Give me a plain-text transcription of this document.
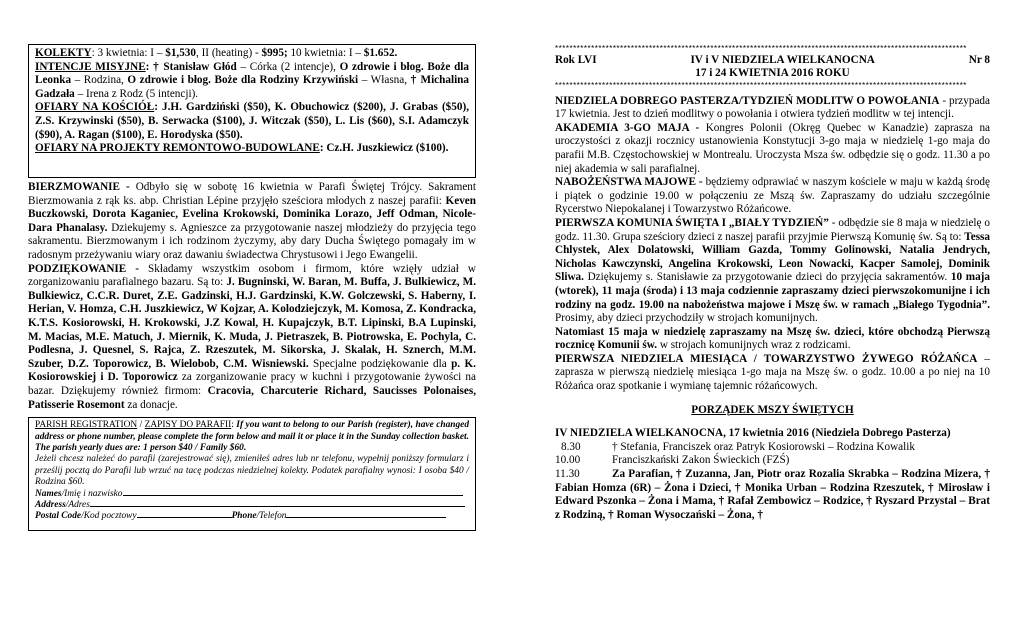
KOLEKTY: 3 kwietnia: I – $1,530, II (heating) - $995; 10 kwietnia: I – $1.652.

INTENCJE MISYJNE: † Stanisław Głód – Córka (2 intencje), O zdrowie i błog. Boże dla Leonka – Rodzina, O zdrowie i błog. Boże dla Rodziny Krzywiński – Własna, † Michalina Gadzała – Irena z Rodz (5 intencji).

OFIARY NA KOŚCIÓŁ: J.H. Gardziński ($50), K. Obuchowicz ($200), J. Grabas ($50), Z.S. Krzywinski ($50), B. Serwacka ($100), J. Witczak ($50), L. Lis ($60), S.I. Adamczyk ($90), A. Ragan ($100), E. Horodyska ($50).

OFIARY NA PROJEKTY REMONTOWO-BUDOWLANE: Cz.H. Juszkiewicz ($100).

BIERZMOWANIE - Odbyło się w sobotę 16 kwietnia w Parafi Świętej Trójcy. Sakrament Bierzmowania z rąk ks. abp. Christian Lépine przyjęło sześciora młodych z naszej parafii: Keven Buczkowski, Dorota Kaganiec, Evelina Krokowski, Dominika Lorazo, Jeff Odman, Nicole-Dara Phanalasy. Dziekujemy s. Agnieszce za przygotowanie naszej młodzieży do przyjęcia tego sakramentu. Bierzmowanym i ich rodzinom życzymy, aby dary Ducha Świętego pomagały im w radosnym przeżywaniu wiary oraz dawaniu świadectwa Chrystusowi i Jego Ewangelii.

PODZIĘKOWANIE - Składamy wszystkim osobom i firmom, które wzięły udział w zorganizowaniu parafialnego bazaru. Są to: J. Bugninski, W. Baran, M. Buffa, J. Bulkiewicz, M. Bulkiewicz, C.C.R. Duret, Z.E. Gadzinski, H.J. Gardzinski, K.W. Golczewski, S. Haberny, I. Herian, V. Homza, C.H. Juszkiewicz, W Kojzar, A. Kolodziejczyk, M. Komosa, Z. Kondracka, K.T.S. Kosiorowski, H. Krokowski, J.Z Kowal, H. Kupajczyk, B.T. Lipinski, B.A Lupinski, M. Macias, M.E. Matuch, J. Miernik, K. Muda, J. Pietraszek, B. Piotrowska, E. Pochyla, C. Podlesna, J. Quesnel, S. Rajca, Z. Rzeszutek, M. Sikorska, J. Skalak, H. Sznerch, M.M. Szuber, D.Z. Toporowicz, B. Wielobob, C.M. Wisniewski. Specjalne podziękowanie dla p. K. Kosiorowskiej i D. Toporowicz za zorganizowanie pracy w kuchni i przygotowanie żywości na bazar. Dziękujemy również firmom: Cracovia, Charcuterie Richard, Saucisses Polonaises, Patisserie Rosemont za donacje.

PARISH REGISTRATION / ZAPISY DO PARAFII: If you want to belong to our Parish (register), have changed address or phone number, please complete the form below and mail it or place it in the Sunday collection basket. The parish yearly dues are: 1 person $40 / Family $60.

Jeżeli chcesz należeć do parafii (zarejestrować się), zmieniłeś adres lub nr telefonu, wypełnij poniższy formularz i prześlij pocztą do Parafii lub wrzuć na tacę podczas niedzielnej kolekty. Podatek parafialny wynosi: I osoba $40 / Rodzina $60.

Names/Imię i nazwisko
Address/Adres
Postal Code/Kod pocztowy	Phone/Telefon
******************************************************************************************************************
Rok LVI	IV i V NIEDZIELA WIELKANOCNA	Nr 8
17 i 24 KWIETNIA 2016 ROKU
******************************************************************************************************************

NIEDZIELA DOBREGO PASTERZA/TYDZIEŃ MODLITW O POWOŁANIA - przypada 17 kwietnia. Jest to dzień modlitwy o powołania i otwiera tydzień modlitw w tej intencji.

AKADEMIA 3-GO MAJA - Kongres Polonii (Okręg Quebec w Kanadzie) zaprasza na uroczystości z okazji rocznicy ustanowienia Konstytucji 3-go maja w niedzielę 1-go maja do parafii M.B. Częstochowskiej w Montrealu. Uroczysta Msza św. odbędzie się o godz. 11.30 a po niej akademia w sali parafialnej.

NABOŻEŃSTWA MAJOWE - będziemy odprawiać w naszym kościele w maju w każdą środę i piątek o godzinie 19.00 w połączeniu ze Mszą św. Zapraszamy do udziału szczególnie Rycerstwo Niepokalanej i Towarzystwo Różańcowe.

PIERWSZA KOMUNIA ŚWIĘTA I „BIAŁY TYDZIEŃ” - odbędzie sie 8 maja w niedzielę o godz. 11.30. Grupa sześciory dzieci z naszej parafii przyjmie Pierwszą Komunię św. Są to: Tessa Chlystek, Alex Dolatowski, William Gazda, Tommy Golinowski, Natalia Jendrych, Nicholas Kawczynski, Angelina Krokowski, Leon Nowacki, Kacper Samolej, Dominik Sliwa. Dziękujemy s. Stanisławie za przygotowanie dzieci do przyjęcia sakramentów. 10 maja (wtorek), 11 maja (środa) i 13 maja codziennie zapraszamy dzieci pierwszokomunijne i ich rodziny na godz. 19.00 na nabożeństwa majowe i Mszę św. w ramach „Białego Tygodnia”. Prosimy, aby dzieci przychodziły w strojach komunijnych.

Natomiast 15 maja w niedzielę zapraszamy na Mszę św. dzieci, które obchodzą Pierwszą rocznicę Komunii św. w strojach komunijnych wraz z rodzicami.

PIERWSZA NIEDZIELA MIESIĄCA / TOWARZYSTWO ŻYWEGO RÓŻAŃCA – zaprasza w pierwszą niedzielę miesiąca 1-go maja na Mszę św. o godz. 10.00 a po niej na 10 Różańca oraz spotkanie i wymianę tajemnic różańcowych.

PORZĄDEK MSZY ŚWIĘTYCH
IV NIEDZIELA WIELKANOCNA, 17 kwietnia 2016 (Niedziela Dobrego Pasterza)
8.30	† Stefania, Franciszek oraz Patryk Kosiorowski – Rodzina Kowalik
10.00	Franciszkański Zakon Świeckich (FZŚ)
11.30	Za Parafian, † Zuzanna, Jan, Piotr oraz Rozalia Skrabka – Rodzina Mizera, † Fabian Homza (6R) – Żona i Dzieci, † Monika Urban – Rodzina Rzeszutek, † Mirosław i Edward Pszonka – Żona i Mama, † Rafał Zembowicz – Rodzice, † Ryszard Przystal – Brat z Rodziną, † Roman Wysoczański – Żona, †
